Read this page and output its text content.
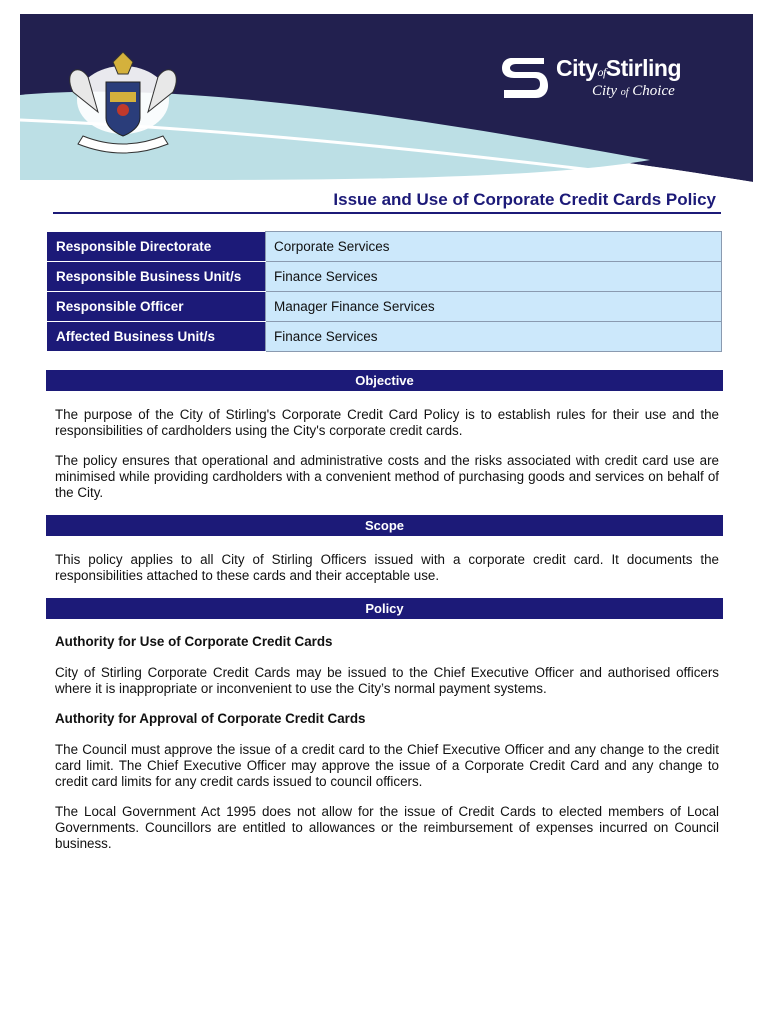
CityofStirling
City of Choice
Issue and Use of Corporate Credit Cards Policy
Responsible Directorate	Corporate Services
Responsible Business Unit/s	Finance Services
Responsible Officer	Manager Finance Services
Affected Business Unit/s	Finance Services
Objective

The purpose of the City of Stirling's Corporate Credit Card Policy is to establish rules for their use and the responsibilities of cardholders using the City's corporate credit cards.

The policy ensures that operational and administrative costs and the risks associated with credit card use are minimised while providing cardholders with a convenient method of purchasing goods and services on behalf of the City.

Scope

This policy applies to all City of Stirling Officers issued with a corporate credit card. It documents the responsibilities attached to these cards and their acceptable use.

Policy

Authority for Use of Corporate Credit Cards

City of Stirling Corporate Credit Cards may be issued to the Chief Executive Officer and authorised officers where it is inappropriate or inconvenient to use the City’s normal payment systems.

Authority for Approval of Corporate Credit Cards

The Council must approve the issue of a credit card to the Chief Executive Officer and any change to the credit card limit. The Chief Executive Officer may approve the issue of a Corporate Credit Card and any change to credit card limits for any credit cards issued to council officers.

The Local Government Act 1995 does not allow for the issue of Credit Cards to elected members of Local Governments. Councillors are entitled to allowances or the reimbursement of expenses incurred on Council business.
